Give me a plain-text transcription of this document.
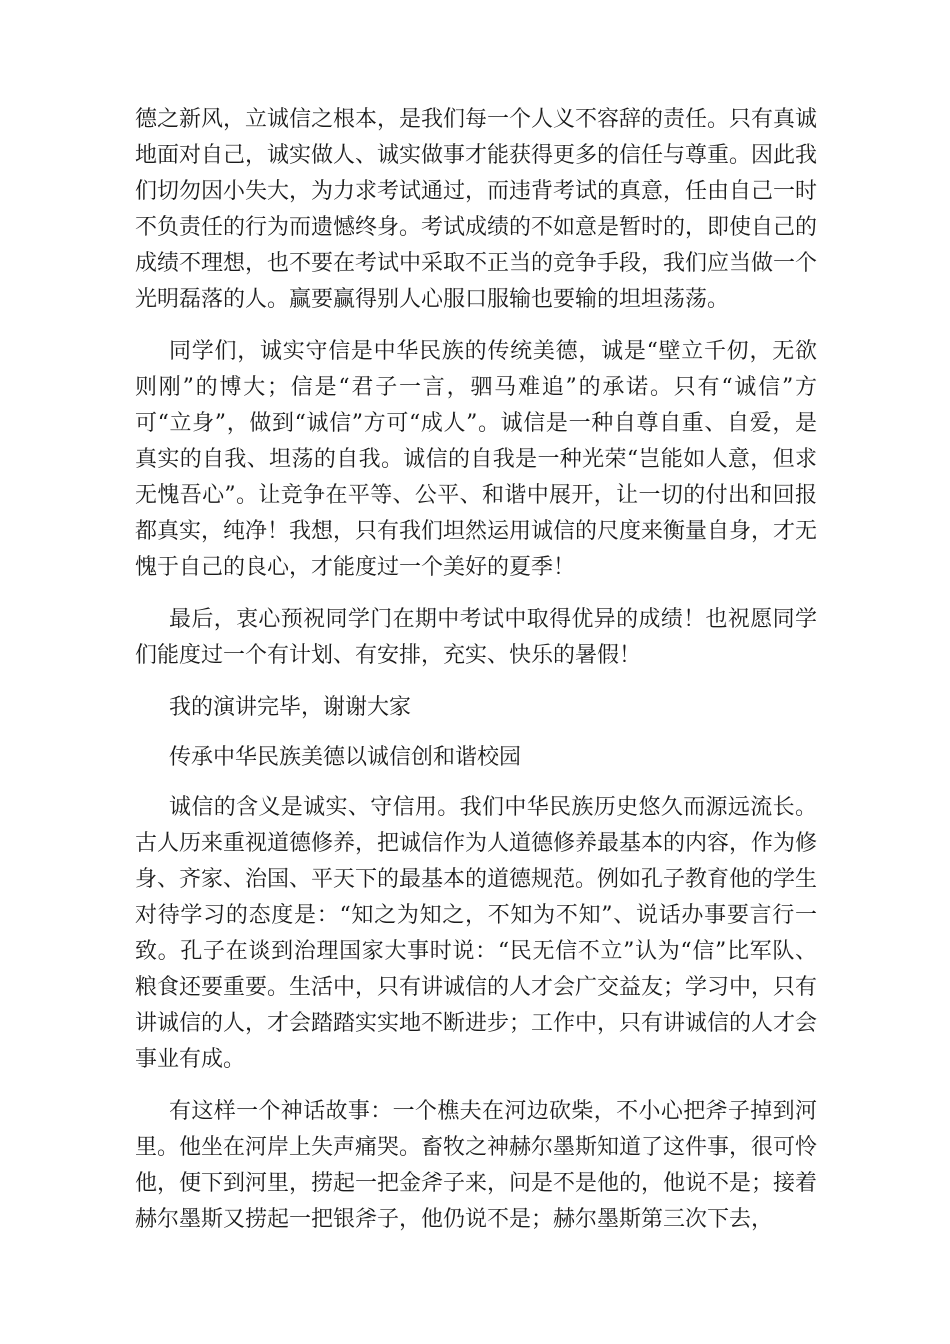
德之新风，立诚信之根本，是我们每一个人义不容辞的责任。只有真诚地面对自己，诚实做人、诚实做事才能获得更多的信任与尊重。因此我们切勿因小失大，为力求考试通过，而违背考试的真意，任由自己一时不负责任的行为而遗憾终身。考试成绩的不如意是暂时的，即使自己的成绩不理想，也不要在考试中采取不正当的竞争手段，我们应当做一个光明磊落的人。赢要赢得别人心服口服输也要输的坦坦荡荡。

同学们，诚实守信是中华民族的传统美德，诚是“壁立千仞，无欲则刚”的博大；信是“君子一言，驷马难追”的承诺。只有“诚信”方可“立身”，做到“诚信”方可“成人”。诚信是一种自尊自重、自爱，是真实的自我、坦荡的自我。诚信的自我是一种光荣“岂能如人意，但求无愧吾心”。让竞争在平等、公平、和谐中展开，让一切的付出和回报都真实，纯净！我想，只有我们坦然运用诚信的尺度来衡量自身，才无愧于自己的良心，才能度过一个美好的夏季！

最后，衷心预祝同学门在期中考试中取得优异的成绩！也祝愿同学们能度过一个有计划、有安排，充实、快乐的暑假！

我的演讲完毕，谢谢大家

传承中华民族美德以诚信创和谐校园

诚信的含义是诚实、守信用。我们中华民族历史悠久而源远流长。古人历来重视道德修养，把诚信作为人道德修养最基本的内容，作为修身、齐家、治国、平天下的最基本的道德规范。例如孔子教育他的学生对待学习的态度是：“知之为知之，不知为不知”、说话办事要言行一致。孔子在谈到治理国家大事时说：“民无信不立”认为“信”比军队、粮食还要重要。生活中，只有讲诚信的人才会广交益友；学习中，只有讲诚信的人，才会踏踏实实地不断进步；工作中，只有讲诚信的人才会事业有成。

有这样一个神话故事：一个樵夫在河边砍柴，不小心把斧子掉到河里。他坐在河岸上失声痛哭。畜牧之神赫尔墨斯知道了这件事，很可怜他，便下到河里，捞起一把金斧子来，问是不是他的，他说不是；接着赫尔墨斯又捞起一把银斧子，他仍说不是；赫尔墨斯第三次下去，
